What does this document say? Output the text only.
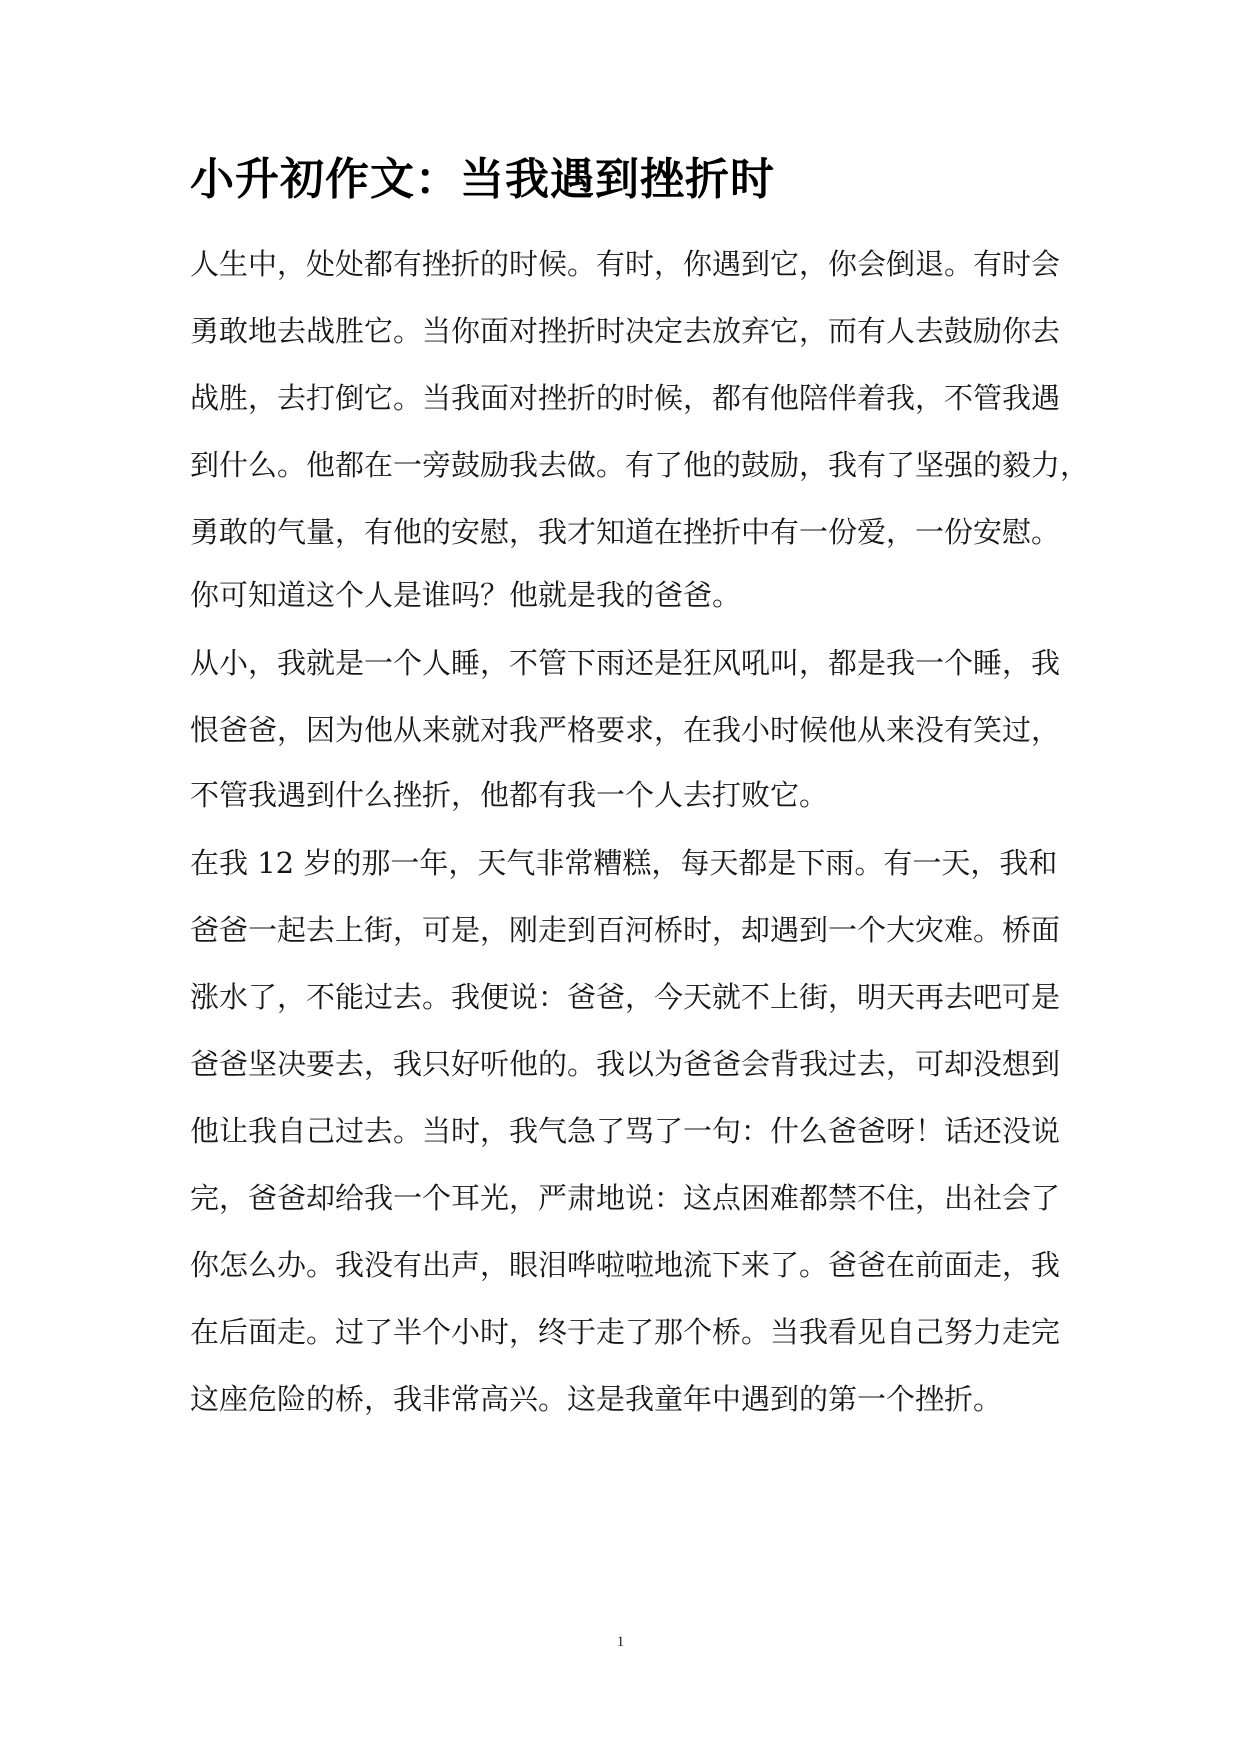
小升初作文：当我遇到挫折时

人生中，处处都有挫折的时候。有时，你遇到它，你会倒退。有时会

勇敢地去战胜它。当你面对挫折时决定去放弃它，而有人去鼓励你去

战胜，去打倒它。当我面对挫折的时候，都有他陪伴着我，不管我遇

到什么。他都在一旁鼓励我去做。有了他的鼓励，我有了坚强的毅力，

勇敢的气量，有他的安慰，我才知道在挫折中有一份爱，一份安慰。

你可知道这个人是谁吗？他就是我的爸爸。

从小，我就是一个人睡，不管下雨还是狂风吼叫，都是我一个睡，我

恨爸爸，因为他从来就对我严格要求，在我小时候他从来没有笑过，

不管我遇到什么挫折，他都有我一个人去打败它。

在我 12 岁的那一年，天气非常糟糕，每天都是下雨。有一天，我和

爸爸一起去上街，可是，刚走到百河桥时，却遇到一个大灾难。桥面

涨水了，不能过去。我便说：爸爸，今天就不上街，明天再去吧可是

爸爸坚决要去，我只好听他的。我以为爸爸会背我过去，可却没想到

他让我自己过去。当时，我气急了骂了一句：什么爸爸呀！话还没说

完，爸爸却给我一个耳光，严肃地说：这点困难都禁不住，出社会了

你怎么办。我没有出声，眼泪哗啦啦地流下来了。爸爸在前面走，我

在后面走。过了半个小时，终于走了那个桥。当我看见自己努力走完

这座危险的桥，我非常高兴。这是我童年中遇到的第一个挫折。

1
